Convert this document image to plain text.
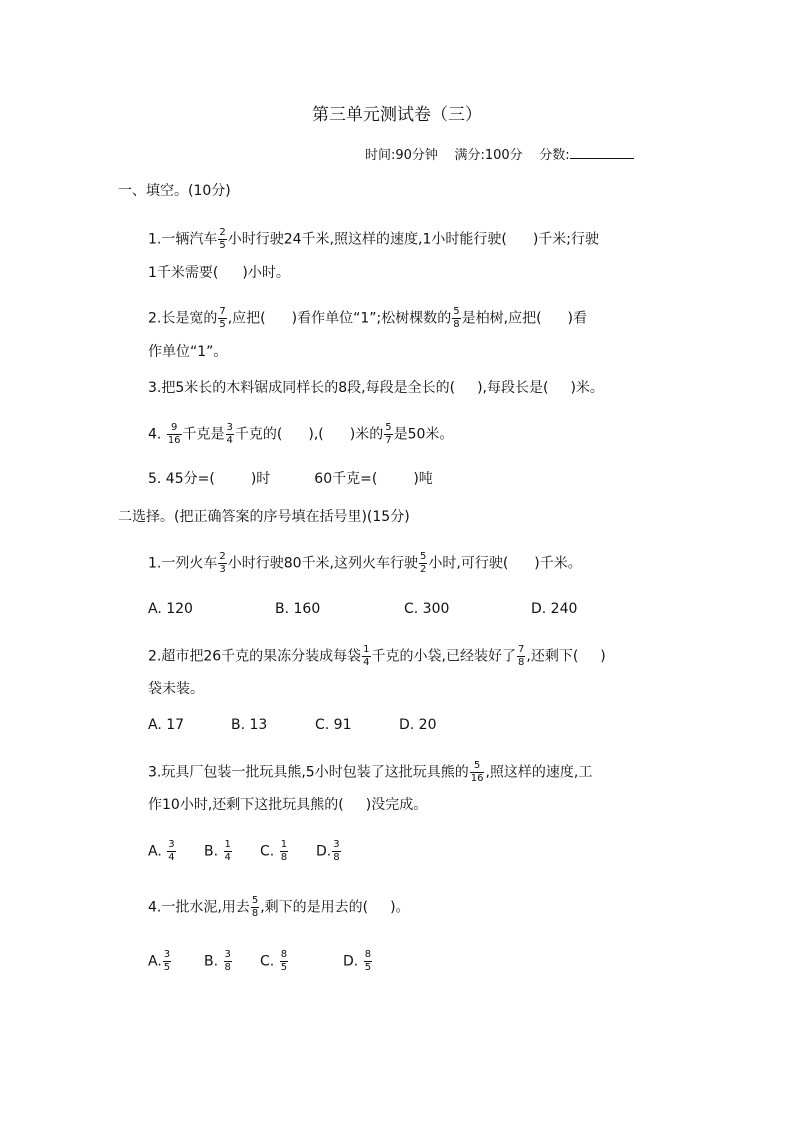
第三单元测试卷（三）
时间:90分钟 满分:100分 分数:
一、填空。(10分)
1.一辆汽车 $\frac{2}{5}$ 小时行驶24千米,照这样的速度,1小时能行驶( )千米;行驶
1千米需要( )小时。
2.长是宽的 $\frac{7}{5}$ ,应把( )看作单位“1”;松树棵数的 $\frac{5}{8}$ 是柏树,应把( )看
作单位“1”。
3.把5米长的木料锯成同样长的8段,每段是全长的( ),每段长是( )米。
4. $\frac{9}{16}$ 千克是 $\frac{3}{4}$ 千克的( ),( )米的 $\frac{5}{7}$ 是50米。
5. 45分=(	)时	60千克=(	)吨
二选择。(把正确答案的序号填在括号里)(15分)
1.一列火车 $\frac{2}{3}$ 小时行驶80千米,这列火车行驶 $\frac{5}{2}$ 小时,可行驶( )千米。
A. 120	B. 160	C. 300	D. 240
2.超市把26千克的果冻分装成每袋 $\frac{1}{4}$ 千克的小袋,已经装好了 $\frac{7}{8}$ ,还剩下( )
袋未装。
A. 17	B. 13	C. 91	D. 20
3.玩具厂包装一批玩具熊,5小时包装了这批玩具熊的 $\frac{5}{16}$ ,照这样的速度,工
作10小时,还剩下这批玩具熊的( )没完成。
A. $\frac{3}{4} B$. $\frac{1}{4} C$. $\frac{1}{8} D$. $\frac{3}{8}$
4.一批水泥,用去 $\frac{5}{8}$ ,剩下的是用去的( )。
A. $\frac{3}{5} B$. $\frac{3}{8} C$. $\frac{8}{5}$	D. $\frac{8}{5}$
